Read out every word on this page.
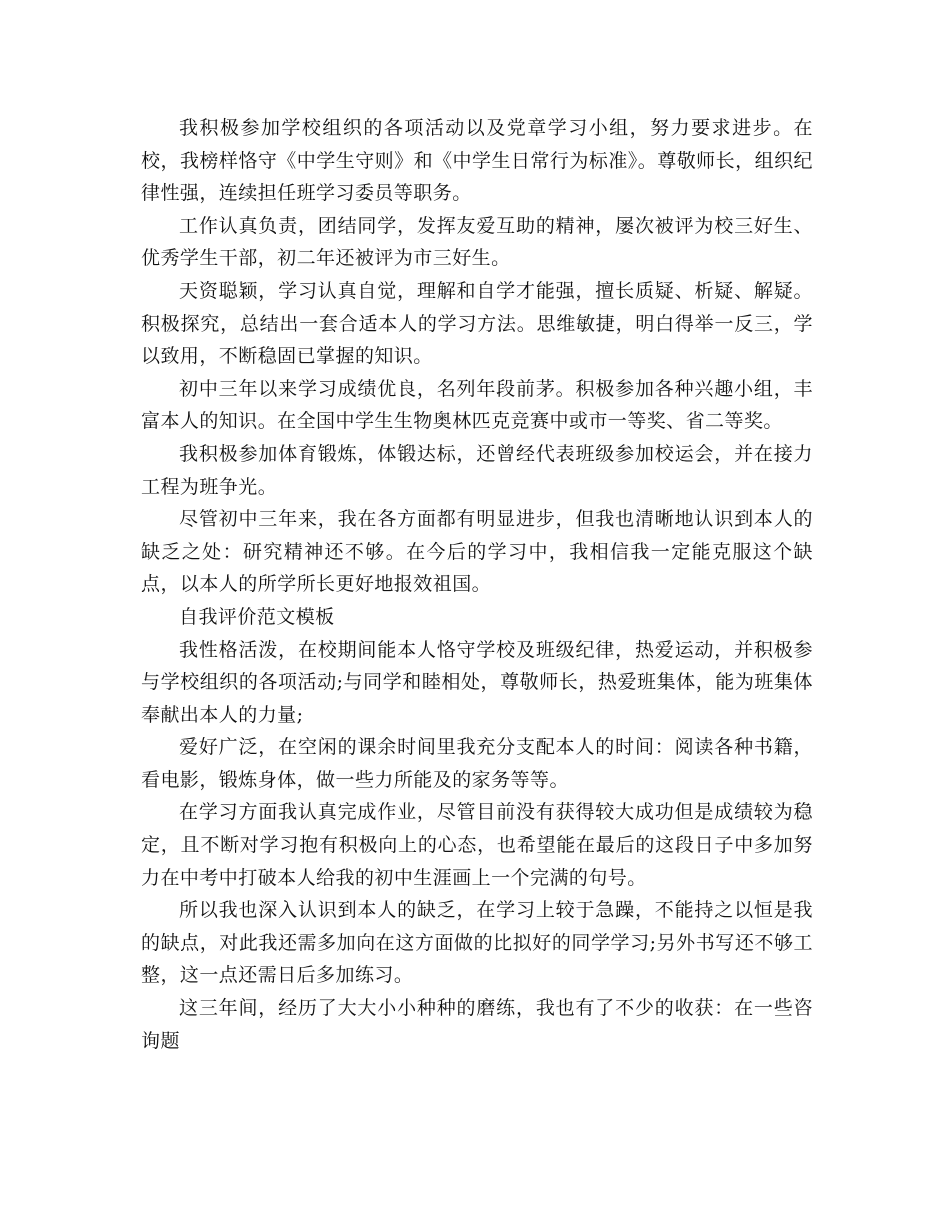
我积极参加学校组织的各项活动以及党章学习小组，努力要求进步。在校，我榜样恪守《中学生守则》和《中学生日常行为标准》。尊敬师长，组织纪律性强，连续担任班学习委员等职务。

工作认真负责，团结同学，发挥友爱互助的精神，屡次被评为校三好生、优秀学生干部，初二年还被评为市三好生。

天资聪颖，学习认真自觉，理解和自学才能强，擅长质疑、析疑、解疑。积极探究，总结出一套合适本人的学习方法。思维敏捷，明白得举一反三，学以致用，不断稳固已掌握的知识。

初中三年以来学习成绩优良，名列年段前茅。积极参加各种兴趣小组，丰富本人的知识。在全国中学生生物奥林匹克竞赛中或市一等奖、省二等奖。

我积极参加体育锻炼，体锻达标，还曾经代表班级参加校运会，并在接力工程为班争光。

尽管初中三年来，我在各方面都有明显进步，但我也清晰地认识到本人的缺乏之处：研究精神还不够。在今后的学习中，我相信我一定能克服这个缺点，以本人的所学所长更好地报效祖国。

自我评价范文模板

我性格活泼，在校期间能本人恪守学校及班级纪律，热爱运动，并积极参与学校组织的各项活动;与同学和睦相处，尊敬师长，热爱班集体，能为班集体奉献出本人的力量;

爱好广泛，在空闲的课余时间里我充分支配本人的时间：阅读各种书籍，看电影，锻炼身体，做一些力所能及的家务等等。

在学习方面我认真完成作业，尽管目前没有获得较大成功但是成绩较为稳定，且不断对学习抱有积极向上的心态，也希望能在最后的这段日子中多加努力在中考中打破本人给我的初中生涯画上一个完满的句号。

所以我也深入认识到本人的缺乏，在学习上较于急躁，不能持之以恒是我的缺点，对此我还需多加向在这方面做的比拟好的同学学习;另外书写还不够工整，这一点还需日后多加练习。

这三年间，经历了大大小小种种的磨练，我也有了不少的收获：在一些咨询题
